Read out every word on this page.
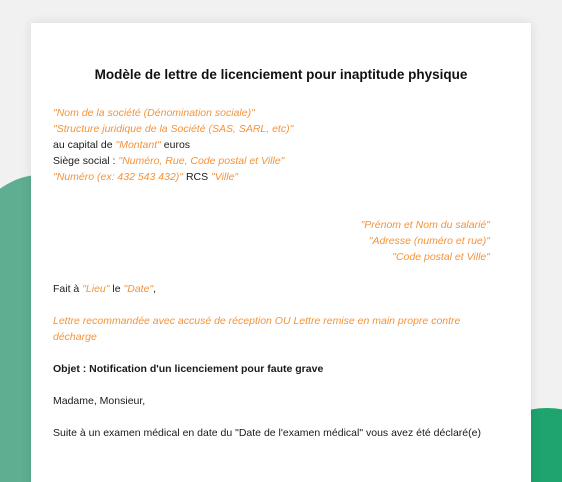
Modèle de lettre de licenciement pour inaptitude physique
"Nom de la société (Dénomination sociale)"
"Structure juridique de la Société (SAS, SARL, etc)"
au capital de "Montant" euros
Siège social : "Numéro, Rue, Code postal et Ville"
"Numéro (ex: 432 543 432)" RCS "Ville"
"Prénom et Nom du salarié"
"Adresse (numéro et rue)"
"Code postal et Ville"
Fait à "Lieu" le "Date",
Lettre recommandée avec accusé de réception OU Lettre remise en main propre contre
décharge
Objet : Notification d'un licenciement pour faute grave
Madame, Monsieur,
Suite à un examen médical en date du "Date de l'examen médical" vous avez été déclaré(e)
